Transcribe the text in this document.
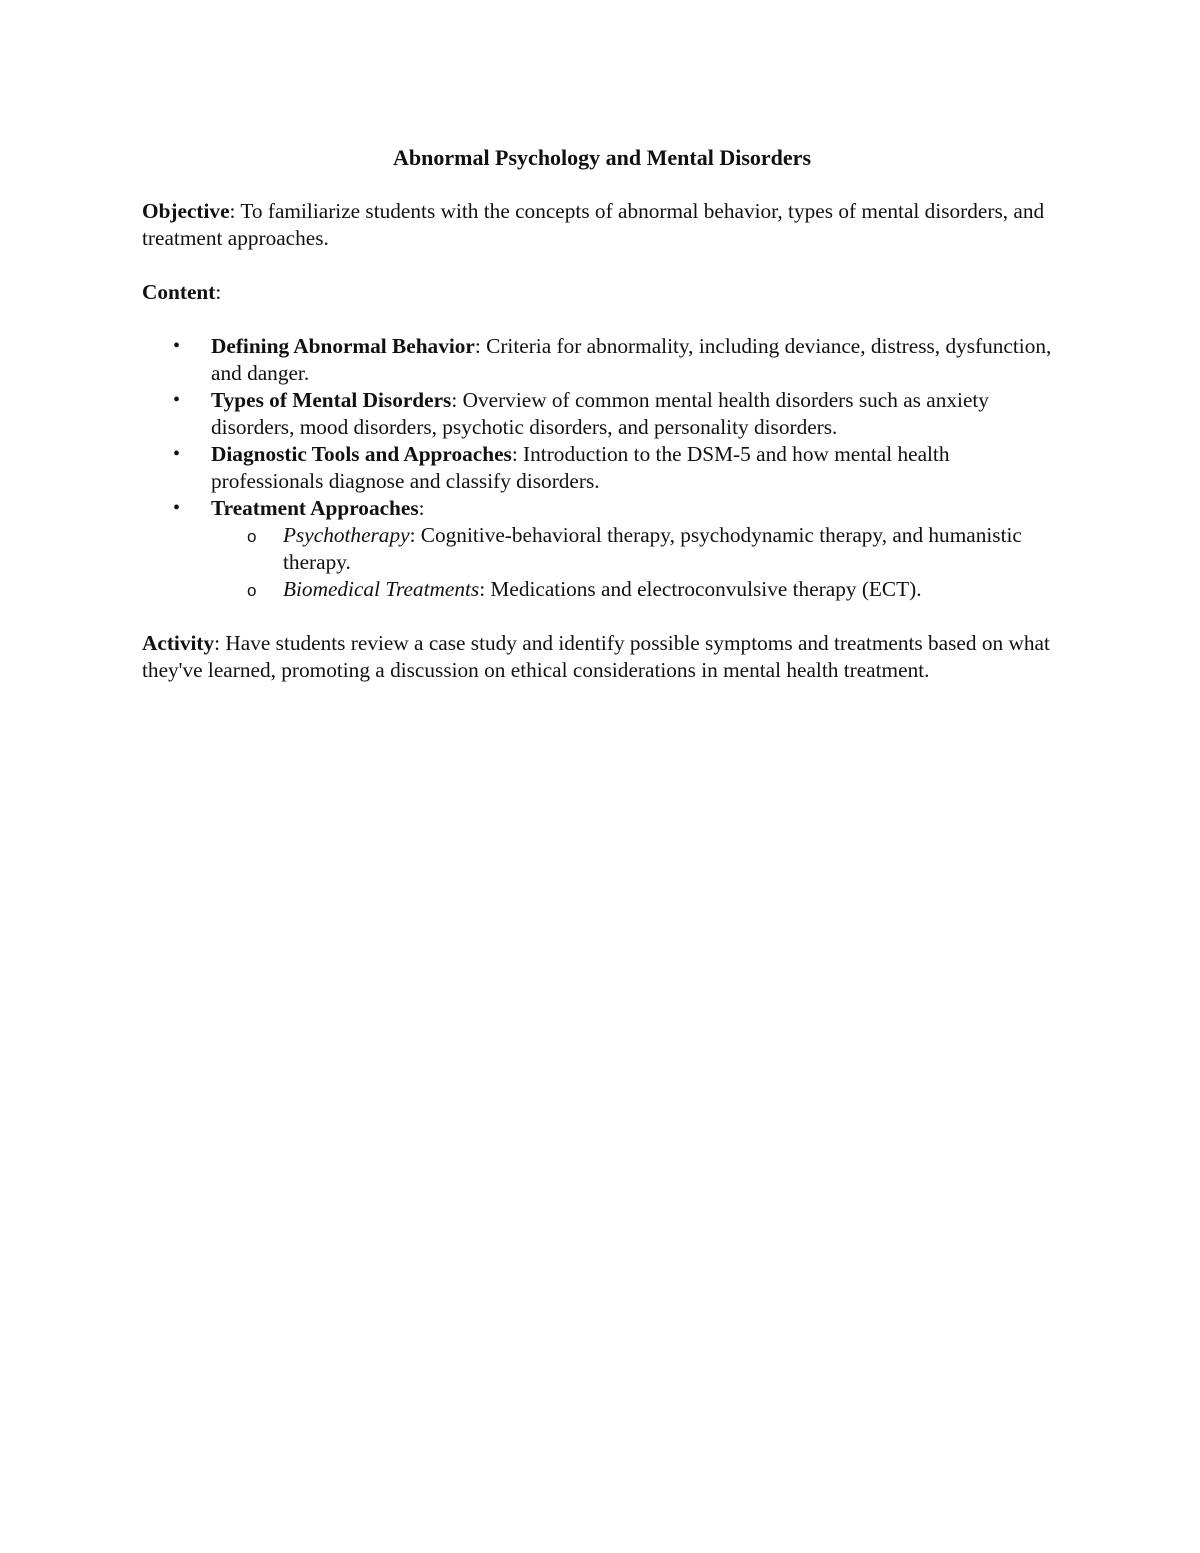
Abnormal Psychology and Mental Disorders

Objective: To familiarize students with the concepts of abnormal behavior, types of mental disorders, and treatment approaches.

Content:

• Defining Abnormal Behavior: Criteria for abnormality, including deviance, distress, dysfunction, and danger.
• Types of Mental Disorders: Overview of common mental health disorders such as anxiety disorders, mood disorders, psychotic disorders, and personality disorders.
• Diagnostic Tools and Approaches: Introduction to the DSM-5 and how mental health professionals diagnose and classify disorders.
• Treatment Approaches:
o Psychotherapy: Cognitive-behavioral therapy, psychodynamic therapy, and humanistic therapy.
o Biomedical Treatments: Medications and electroconvulsive therapy (ECT).

Activity: Have students review a case study and identify possible symptoms and treatments based on what they've learned, promoting a discussion on ethical considerations in mental health treatment.
